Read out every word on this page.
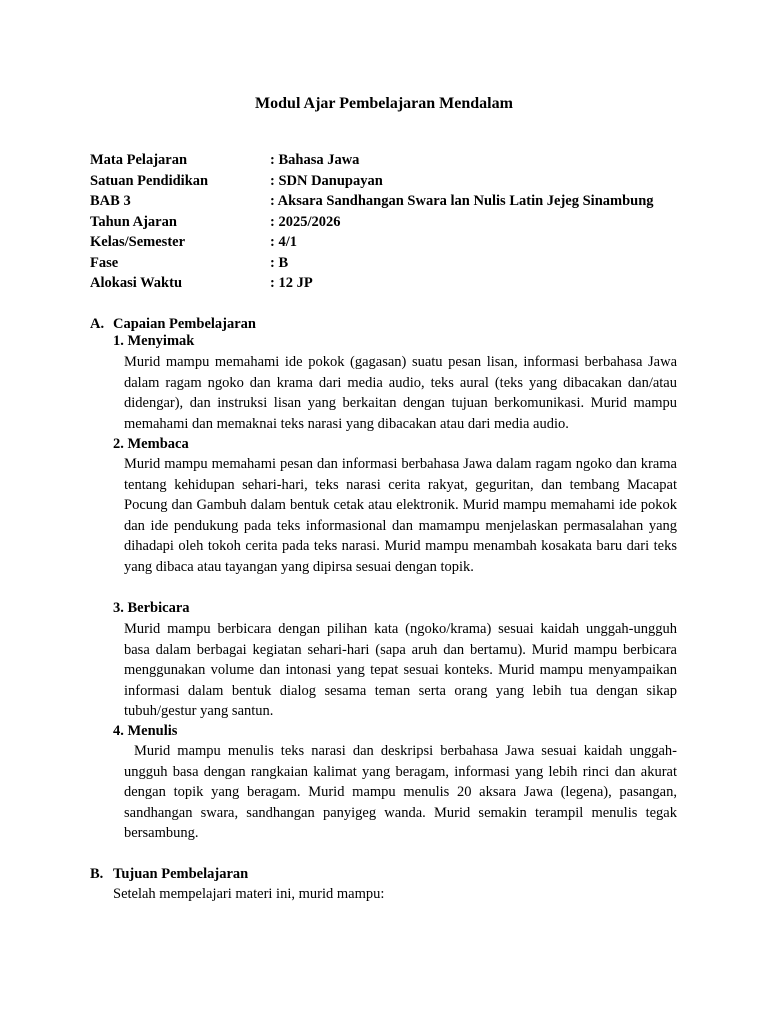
Modul Ajar Pembelajaran Mendalam
Mata Pelajaran	: Bahasa Jawa
Satuan Pendidikan	: SDN Danupayan
BAB 3	: Aksara Sandhangan Swara lan Nulis Latin Jejeg Sinambung
Tahun Ajaran	: 2025/2026
Kelas/Semester	: 4/1
Fase	: B
Alokasi Waktu	: 12 JP
A. Capaian Pembelajaran
1. Menyimak

Murid mampu memahami ide pokok (gagasan) suatu pesan lisan, informasi berbahasa Jawa dalam ragam ngoko dan krama dari media audio, teks aural (teks yang dibacakan dan/atau didengar), dan instruksi lisan yang berkaitan dengan tujuan berkomunikasi. Murid mampu memahami dan memaknai teks narasi yang dibacakan atau dari media audio.

2. Membaca

Murid mampu memahami pesan dan informasi berbahasa Jawa dalam ragam ngoko dan krama tentang kehidupan sehari-hari, teks narasi cerita rakyat, geguritan, dan tembang Macapat Pocung dan Gambuh dalam bentuk cetak atau elektronik. Murid mampu memahami ide pokok dan ide pendukung pada teks informasional dan mamampu menjelaskan permasalahan yang dihadapi oleh tokoh cerita pada teks narasi. Murid mampu menambah kosakata baru dari teks yang dibaca atau tayangan yang dipirsa sesuai dengan topik.

3. Berbicara

Murid mampu berbicara dengan pilihan kata (ngoko/krama) sesuai kaidah unggah-ungguh basa dalam berbagai kegiatan sehari-hari (sapa aruh dan bertamu). Murid mampu berbicara menggunakan volume dan intonasi yang tepat sesuai konteks. Murid mampu menyampaikan informasi dalam bentuk dialog sesama teman serta orang yang lebih tua dengan sikap tubuh/gestur yang santun.

4. Menulis

Murid mampu menulis teks narasi dan deskripsi berbahasa Jawa sesuai kaidah unggah-ungguh basa dengan rangkaian kalimat yang beragam, informasi yang lebih rinci dan akurat dengan topik yang beragam. Murid mampu menulis 20 aksara Jawa (legena), pasangan, sandhangan swara, sandhangan panyigeg wanda. Murid semakin terampil menulis tegak bersambung.

B. Tujuan Pembelajaran
Setelah mempelajari materi ini, murid mampu:
